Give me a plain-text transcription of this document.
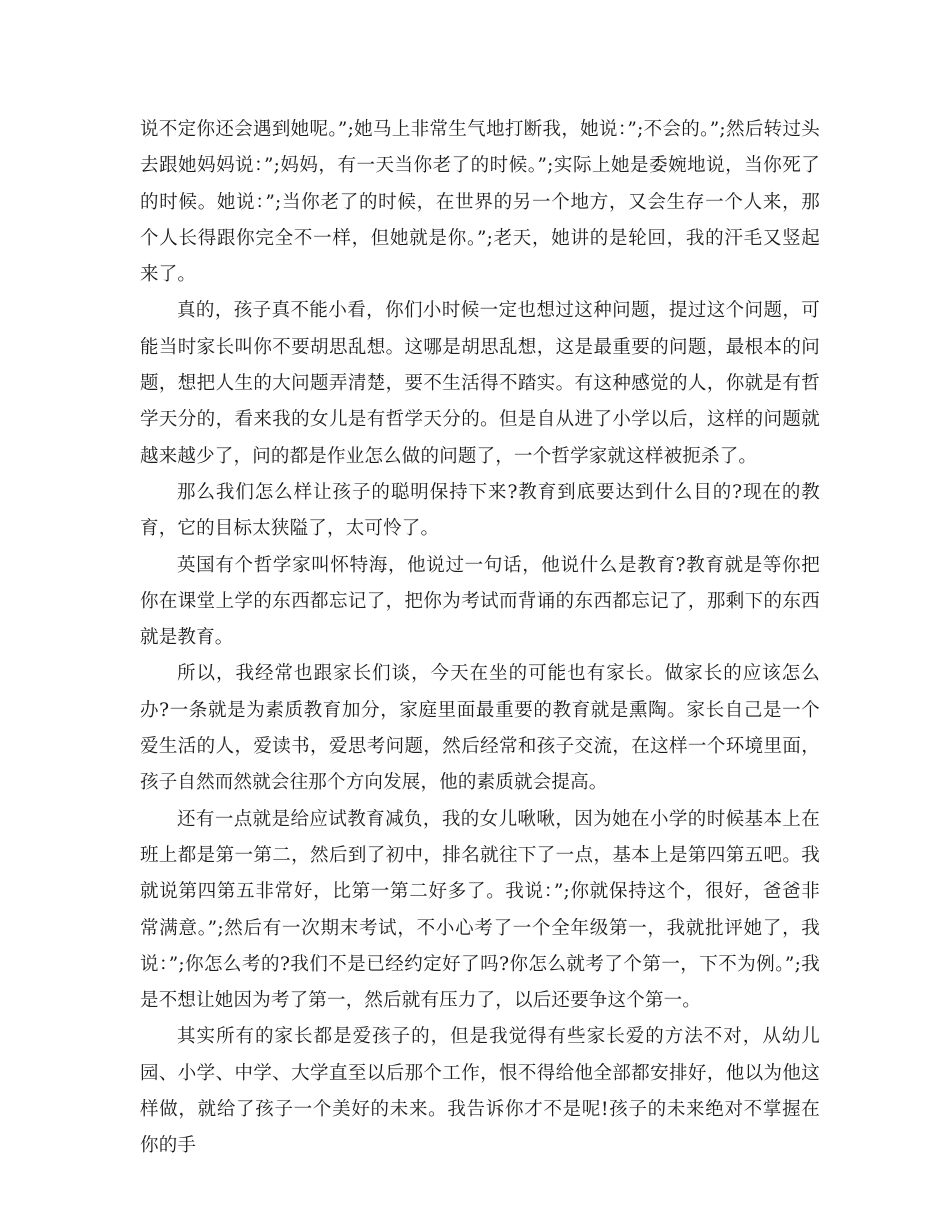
说不定你还会遇到她呢。”;她马上非常生气地打断我，她说：”;不会的。”;然后转过头去跟她妈妈说：”;妈妈，有一天当你老了的时候。”;实际上她是委婉地说，当你死了的时候。她说：”;当你老了的时候，在世界的另一个地方，又会生存一个人来，那个人长得跟你完全不一样，但她就是你。”;老天，她讲的是轮回，我的汗毛又竖起来了。

真的，孩子真不能小看，你们小时候一定也想过这种问题，提过这个问题，可能当时家长叫你不要胡思乱想。这哪是胡思乱想，这是最重要的问题，最根本的问题，想把人生的大问题弄清楚，要不生活得不踏实。有这种感觉的人，你就是有哲学天分的，看来我的女儿是有哲学天分的。但是自从进了小学以后，这样的问题就越来越少了，问的都是作业怎么做的问题了，一个哲学家就这样被扼杀了。

那么我们怎么样让孩子的聪明保持下来?教育到底要达到什么目的?现在的教育，它的目标太狭隘了，太可怜了。

英国有个哲学家叫怀特海，他说过一句话，他说什么是教育?教育就是等你把你在课堂上学的东西都忘记了，把你为考试而背诵的东西都忘记了，那剩下的东西就是教育。

所以，我经常也跟家长们谈，今天在坐的可能也有家长。做家长的应该怎么办?一条就是为素质教育加分，家庭里面最重要的教育就是熏陶。家长自己是一个爱生活的人，爱读书，爱思考问题，然后经常和孩子交流，在这样一个环境里面，孩子自然而然就会往那个方向发展，他的素质就会提高。

还有一点就是给应试教育减负，我的女儿啾啾，因为她在小学的时候基本上在班上都是第一第二，然后到了初中，排名就往下了一点，基本上是第四第五吧。我就说第四第五非常好，比第一第二好多了。我说：”;你就保持这个，很好，爸爸非常满意。”;然后有一次期末考试，不小心考了一个全年级第一，我就批评她了，我说：”;你怎么考的?我们不是已经约定好了吗?你怎么就考了个第一，下不为例。”;我是不想让她因为考了第一，然后就有压力了，以后还要争这个第一。

其实所有的家长都是爱孩子的，但是我觉得有些家长爱的方法不对，从幼儿园、小学、中学、大学直至以后那个工作，恨不得给他全部都安排好，他以为他这样做，就给了孩子一个美好的未来。我告诉你才不是呢!孩子的未来绝对不掌握在你的手
